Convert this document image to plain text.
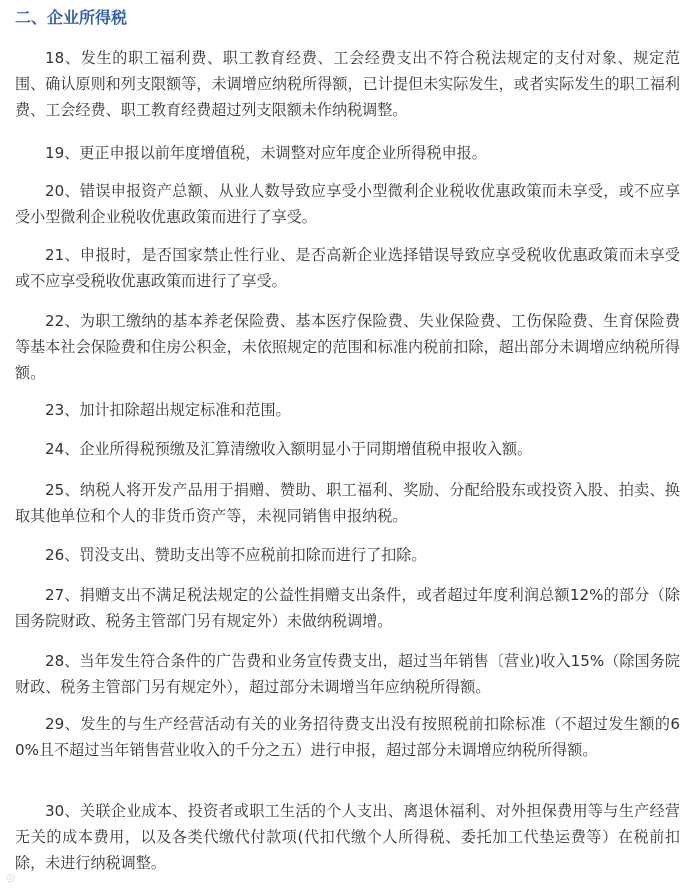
二、企业所得税

18、发生的职工福利费、职工教育经费、工会经费支出不符合税法规定的支付对象、规定范围、确认原则和列支限额等，未调增应纳税所得额，已计提但未实际发生，或者实际发生的职工福利费、工会经费、职工教育经费超过列支限额未作纳税调整。

19、更正申报以前年度增值税，未调整对应年度企业所得税申报。

20、错误申报资产总额、从业人数导致应享受小型微利企业税收优惠政策而未享受，或不应享受小型微利企业税收优惠政策而进行了享受。

21、申报时，是否国家禁止性行业、是否高新企业选择错误导致应享受税收优惠政策而未享受或不应享受税收优惠政策而进行了享受。

22、为职工缴纳的基本养老保险费、基本医疗保险费、失业保险费、工伤保险费、生育保险费等基本社会保险费和住房公积金，未依照规定的范围和标准内税前扣除，超出部分未调增应纳税所得额。

23、加计扣除超出规定标准和范围。

24、企业所得税预缴及汇算清缴收入额明显小于同期增值税申报收入额。

25、纳税人将开发产品用于捐赠、赞助、职工福利、奖励、分配给股东或投资入股、拍卖、换取其他单位和个人的非货币资产等，未视同销售申报纳税。

26、罚没支出、赞助支出等不应税前扣除而进行了扣除。

27、捐赠支出不满足税法规定的公益性捐赠支出条件，或者超过年度利润总额12%的部分（除国务院财政、税务主管部门另有规定外）未做纳税调增。

28、当年发生符合条件的广告费和业务宣传费支出，超过当年销售〔营业)收入15%（除国务院财政、税务主管部门另有规定外），超过部分未调增当年应纳税所得额。

29、发生的与生产经营活动有关的业务招待费支出没有按照税前扣除标准（不超过发生额的60%且不超过当年销售营业收入的千分之五）进行申报，超过部分未调增应纳税所得额。

30、关联企业成本、投资者或职工生活的个人支出、离退休福利、对外担保费用等与生产经营无关的成本费用，以及各类代缴代付款项(代扣代缴个人所得税、委托加工代垫运费等）在税前扣除，未进行纳税调整。

◎
